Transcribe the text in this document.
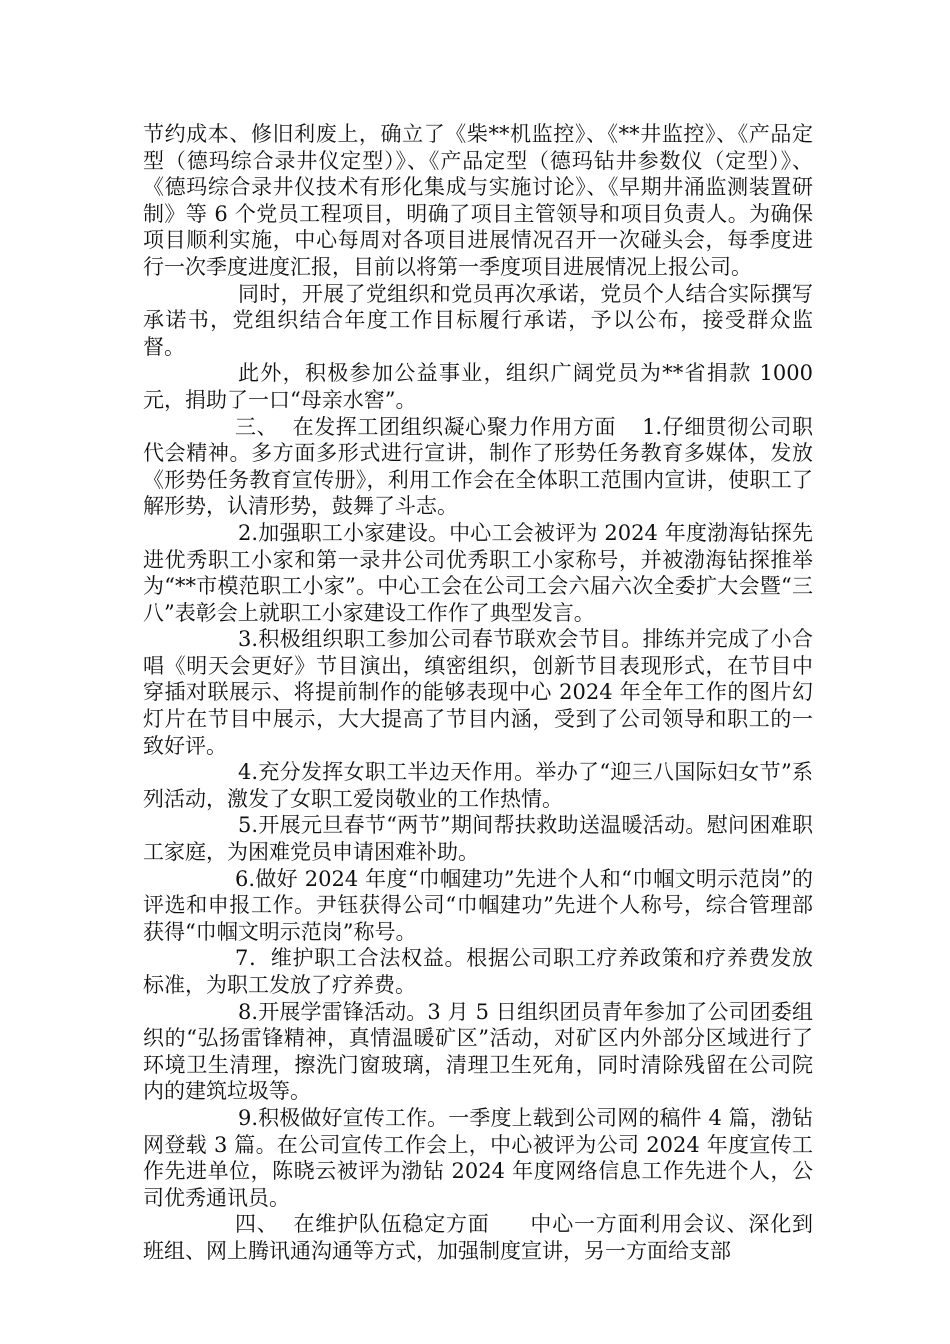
节约成本、修旧利废上，确立了《柴**机监控》、《**井监控》、《产品定型（德玛综合录井仪定型）》、《产品定型（德玛钻井参数仪（定型）》、《德玛综合录井仪技术有形化集成与实施讨论》、《早期井涌监测装置研制》等 6 个党员工程项目，明确了项目主管领导和项目负责人。为确保项目顺利实施，中心每周对各项目进展情况召开一次碰头会，每季度进行一次季度进度汇报，目前以将第一季度项目进展情况上报公司。

同时，开展了党组织和党员再次承诺，党员个人结合实际撰写承诺书，党组织结合年度工作目标履行承诺，予以公布，接受群众监督。

此外，积极参加公益事业，组织广阔党员为**省捐款 1000 元，捐助了一口“母亲水窖”。

三、 在发挥工团组织凝心聚力作用方面 1.仔细贯彻公司职代会精神。多方面多形式进行宣讲，制作了形势任务教育多媒体，发放《形势任务教育宣传册》，利用工作会在全体职工范围内宣讲，使职工了解形势，认清形势，鼓舞了斗志。

2.加强职工小家建设。中心工会被评为 2024 年度渤海钻探先进优秀职工小家和第一录井公司优秀职工小家称号，并被渤海钻探推举为“**市模范职工小家”。中心工会在公司工会六届六次全委扩大会暨“三八”表彰会上就职工小家建设工作作了典型发言。

3.积极组织职工参加公司春节联欢会节目。排练并完成了小合唱《明天会更好》节目演出，缜密组织，创新节目表现形式，在节目中穿插对联展示、将提前制作的能够表现中心 2024 年全年工作的图片幻灯片在节目中展示，大大提高了节目内涵，受到了公司领导和职工的一致好评。

4.充分发挥女职工半边天作用。举办了“迎三八国际妇女节”系列活动，激发了女职工爱岗敬业的工作热情。

5.开展元旦春节“两节”期间帮扶救助送温暖活动。慰问困难职工家庭，为困难党员申请困难补助。

6.做好 2024 年度“巾帼建功”先进个人和“巾帼文明示范岗”的评选和申报工作。尹钰获得公司“巾帼建功”先进个人称号，综合管理部获得“巾帼文明示范岗”称号。

7．维护职工合法权益。根据公司职工疗养政策和疗养费发放标准，为职工发放了疗养费。

8.开展学雷锋活动。3 月 5 日组织团员青年参加了公司团委组织的“弘扬雷锋精神，真情温暖矿区”活动，对矿区内外部分区域进行了环境卫生清理，擦洗门窗玻璃，清理卫生死角，同时清除残留在公司院内的建筑垃圾等。

9.积极做好宣传工作。一季度上载到公司网的稿件 4 篇，渤钻网登载 3 篇。在公司宣传工作会上，中心被评为公司 2024 年度宣传工作先进单位，陈晓云被评为渤钻 2024 年度网络信息工作先进个人，公司优秀通讯员。

四、 在维护队伍稳定方面 中心一方面利用会议、深化到班组、网上腾讯通沟通等方式，加强制度宣讲，另一方面给支部
